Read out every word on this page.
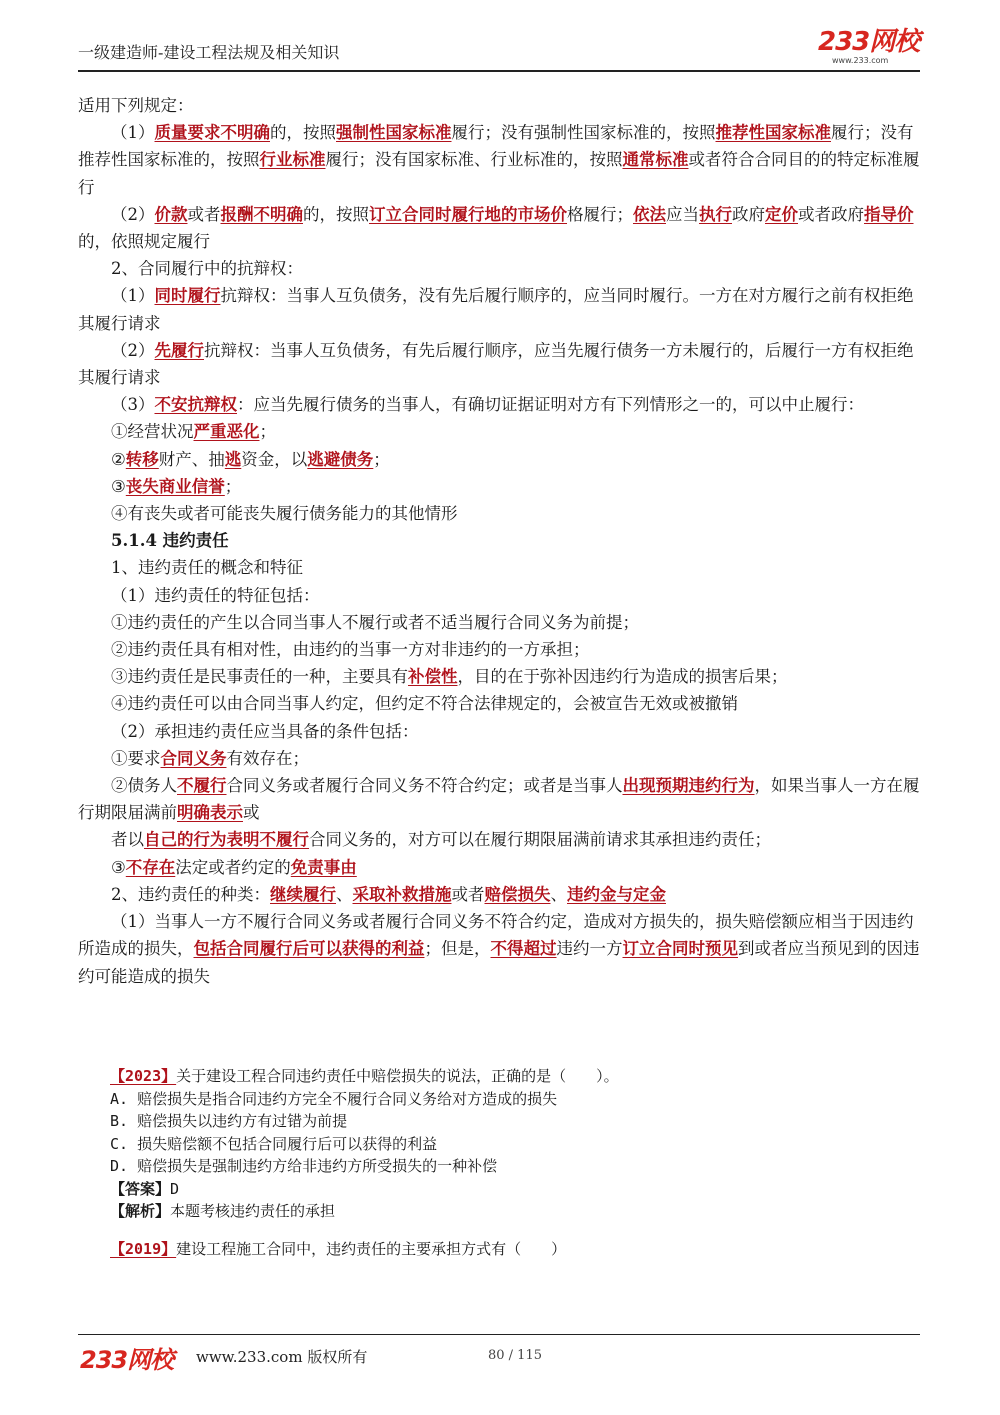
一级建造师-建设工程法规及相关知识	233网校
www.233.com

适用下列规定：

（1）质量要求不明确的，按照强制性国家标准履行；没有强制性国家标准的，按照推荐性国家标准履行；没有推荐性国家标准的，按照行业标准履行；没有国家标准、行业标准的，按照通常标准或者符合合同目的的特定标准履行

（2）价款或者报酬不明确的，按照订立合同时履行地的市场价格履行；依法应当执行政府定价或者政府指导价的，依照规定履行

2、合同履行中的抗辩权：

（1）同时履行抗辩权：当事人互负债务，没有先后履行顺序的，应当同时履行。一方在对方履行之前有权拒绝其履行请求

（2）先履行抗辩权：当事人互负债务，有先后履行顺序，应当先履行债务一方未履行的，后履行一方有权拒绝其履行请求

（3）不安抗辩权：应当先履行债务的当事人，有确切证据证明对方有下列情形之一的，可以中止履行：

①经营状况严重恶化；

②转移财产、抽逃资金，以逃避债务；

③丧失商业信誉；

④有丧失或者可能丧失履行债务能力的其他情形

5.1.4 违约责任

1、违约责任的概念和特征

（1）违约责任的特征包括：

①违约责任的产生以合同当事人不履行或者不适当履行合同义务为前提；

②违约责任具有相对性，由违约的当事一方对非违约的一方承担；

③违约责任是民事责任的一种，主要具有补偿性，目的在于弥补因违约行为造成的损害后果；

④违约责任可以由合同当事人约定，但约定不符合法律规定的，会被宣告无效或被撤销

（2）承担违约责任应当具备的条件包括：

①要求合同义务有效存在；

②债务人不履行合同义务或者履行合同义务不符合约定；或者是当事人出现预期违约行为，如果当事人一方在履行期限届满前明确表示或

者以自己的行为表明不履行合同义务的，对方可以在履行期限届满前请求其承担违约责任；

③不存在法定或者约定的免责事由

2、违约责任的种类：继续履行、采取补救措施或者赔偿损失、违约金与定金

（1）当事人一方不履行合同义务或者履行合同义务不符合约定，造成对方损失的，损失赔偿额应相当于因违约所造成的损失，包括合同履行后可以获得的利益；但是，不得超过违约一方订立合同时预见到或者应当预见到的因违约可能造成的损失

【2023】关于建设工程合同违约责任中赔偿损失的说法，正确的是（　　）。

A. 赔偿损失是指合同违约方完全不履行合同义务给对方造成的损失

B. 赔偿损失以违约方有过错为前提

C. 损失赔偿额不包括合同履行后可以获得的利益

D. 赔偿损失是强制违约方给非违约方所受损失的一种补偿

【答案】D

【解析】本题考核违约责任的承担

【2019】建设工程施工合同中，违约责任的主要承担方式有（　　）

233网校 www.233.com 版权所有	80 / 115
